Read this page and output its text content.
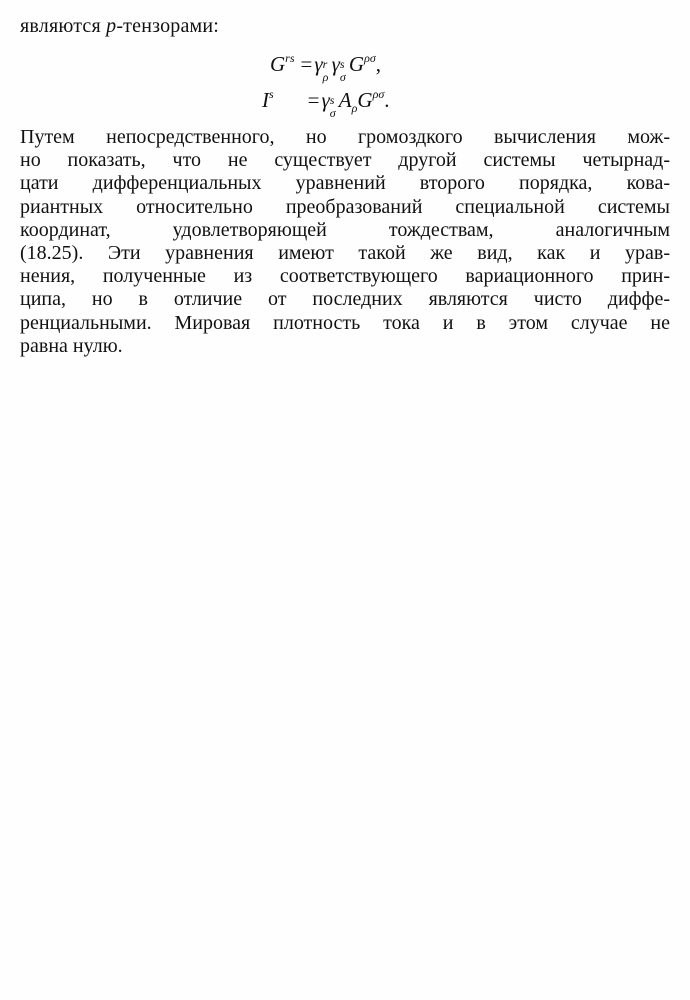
являются p-тензорами:
$G^{rs} =\gamma$ r
ρ
γ s
σ
$G^{\rho\sigma}$,
$I^s =\gamma$ s
σ
$A_\rho G^{\rho\sigma}$.
Путем непосредственного, но громоздкого вычисления мож-
но показать, что не существует другой системы четырнад-
цати дифференциальных уравнений второго порядка, кова-
риантных относительно преобразований специальной системы
координат, удовлетворяющей тождествам, аналогичным
(18.25). Эти уравнения имеют такой же вид, как и урав-
нения, полученные из соответствующего вариационного прин-
ципа, но в отличие от последних являются чисто диффе-
ренциальными. Мировая плотность тока и в этом случае не
равна нулю.
